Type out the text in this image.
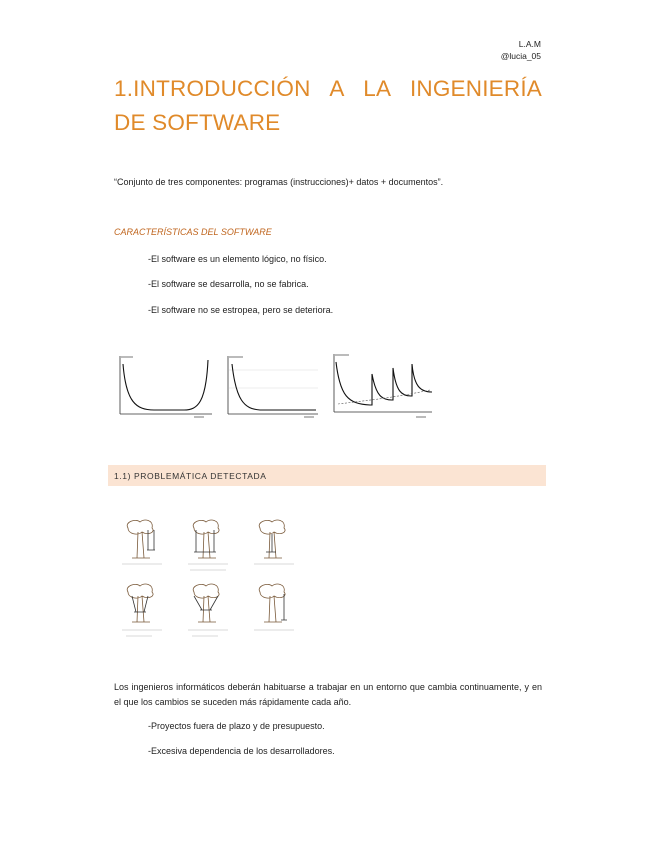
L.A.M
@lucia_05
1.INTRODUCCIÓN A LA INGENIERÍA
DE SOFTWARE
“Conjunto de tres componentes: programas (instrucciones)+ datos + documentos”.
CARACTERÍSTICAS DEL SOFTWARE
-El software es un elemento lógico, no físico.
-El software se desarrolla, no se fabrica.
-El software no se estropea, pero se deteriora.
1.1) PROBLEMÁTICA DETECTADA
Los ingenieros informáticos deberán habituarse a trabajar en un entorno que cambia continuamente, y en el que los cambios se suceden más rápidamente cada año.
-Proyectos fuera de plazo y de presupuesto.
-Excesiva dependencia de los desarrolladores.
